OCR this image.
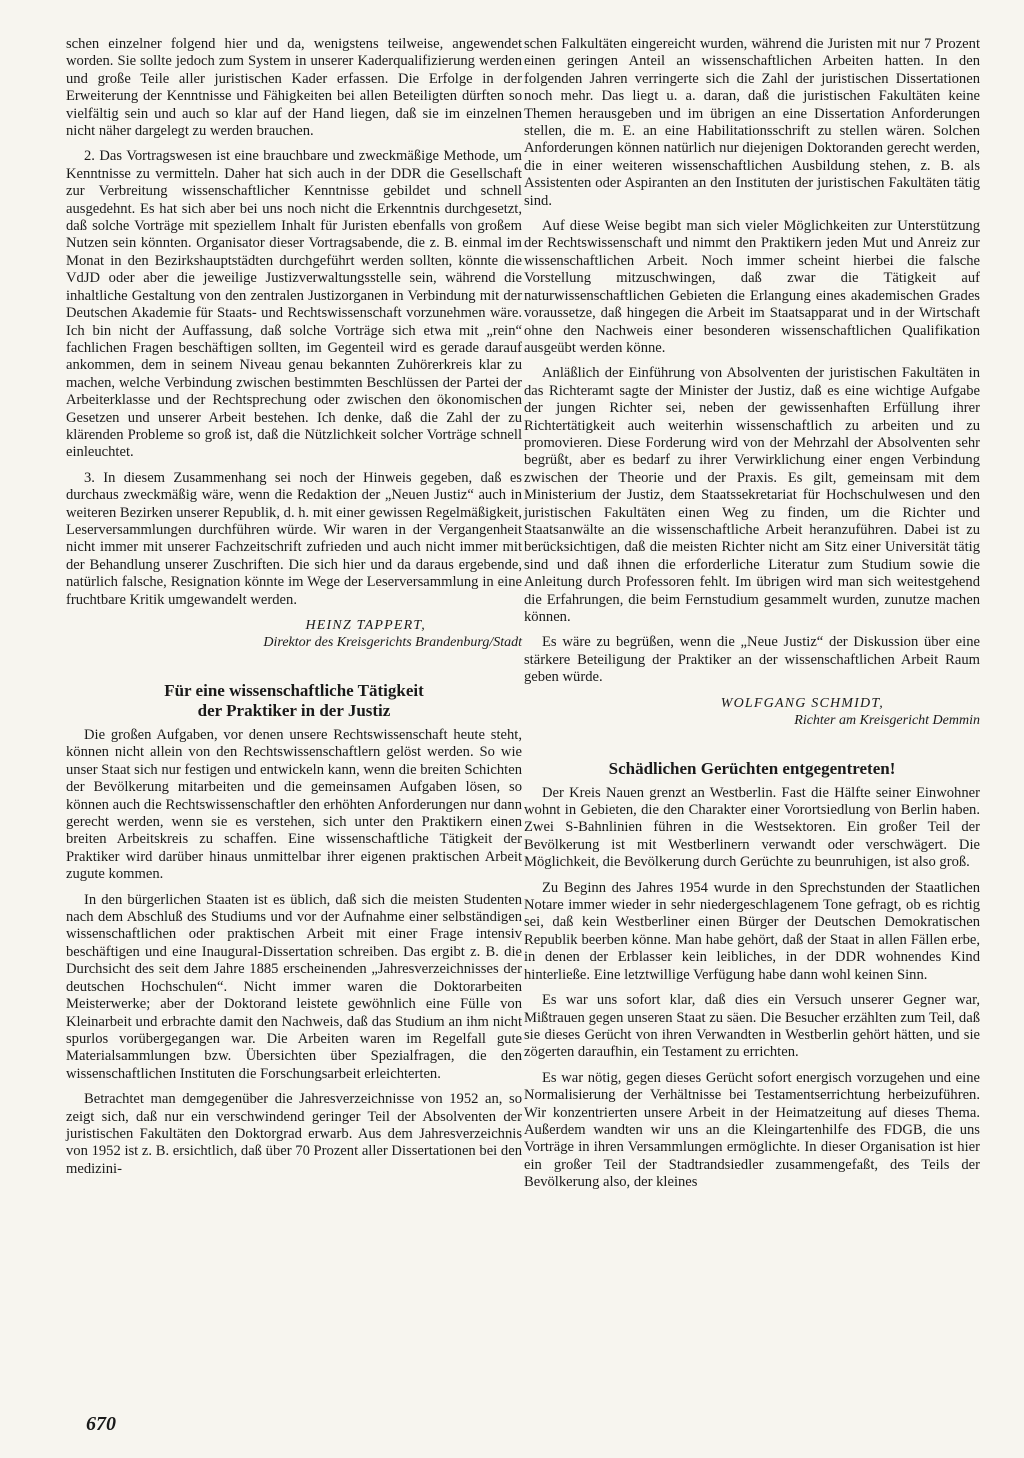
schen einzelner folgend hier und da, wenigstens teilweise, angewendet worden. Sie sollte jedoch zum System in unserer Kaderqualifizierung werden und große Teile aller juristischen Kader erfassen. Die Erfolge in der Erweiterung der Kenntnisse und Fähigkeiten bei allen Beteiligten dürften so vielfältig sein und auch so klar auf der Hand liegen, daß sie im einzelnen nicht näher dargelegt zu werden brauchen.

2. Das Vortragswesen ist eine brauchbare und zweckmäßige Methode, um Kenntnisse zu vermitteln. Daher hat sich auch in der DDR die Gesellschaft zur Verbreitung wissenschaftlicher Kenntnisse gebildet und schnell ausgedehnt. Es hat sich aber bei uns noch nicht die Erkenntnis durchgesetzt, daß solche Vorträge mit speziellem Inhalt für Juristen ebenfalls von großem Nutzen sein könnten. Organisator dieser Vortragsabende, die z. B. einmal im Monat in den Bezirkshauptstädten durchgeführt werden sollten, könnte die VdJD oder aber die jeweilige Justizverwaltungsstelle sein, während die inhaltliche Gestaltung von den zentralen Justizorganen in Verbindung mit der Deutschen Akademie für Staats- und Rechtswissenschaft vorzunehmen wäre. Ich bin nicht der Auffassung, daß solche Vorträge sich etwa mit „rein“ fachlichen Fragen beschäftigen sollten, im Gegenteil wird es gerade darauf ankommen, dem in seinem Niveau genau bekannten Zuhörerkreis klar zu machen, welche Verbindung zwischen bestimmten Beschlüssen der Partei der Arbeiterklasse und der Rechtsprechung oder zwischen den ökonomischen Gesetzen und unserer Arbeit bestehen. Ich denke, daß die Zahl der zu klärenden Probleme so groß ist, daß die Nützlichkeit solcher Vorträge schnell einleuchtet.

3. In diesem Zusammenhang sei noch der Hinweis gegeben, daß es durchaus zweckmäßig wäre, wenn die Redaktion der „Neuen Justiz“ auch in weiteren Bezirken unserer Republik, d. h. mit einer gewissen Regelmäßigkeit, Leserversammlungen durchführen würde. Wir waren in der Vergangenheit nicht immer mit unserer Fachzeitschrift zufrieden und auch nicht immer mit der Behandlung unserer Zuschriften. Die sich hier und da daraus ergebende, natürlich falsche, Resignation könnte im Wege der Leserversammlung in eine fruchtbare Kritik umgewandelt werden.

HEINZ TAPPERT,
Direktor des Kreisgerichts Brandenburg/Stadt
Für eine wissenschaftliche Tätigkeit
der Praktiker in der Justiz

Die großen Aufgaben, vor denen unsere Rechtswissenschaft heute steht, können nicht allein von den Rechtswissenschaftlern gelöst werden. So wie unser Staat sich nur festigen und entwickeln kann, wenn die breiten Schichten der Bevölkerung mitarbeiten und die gemeinsamen Aufgaben lösen, so können auch die Rechtswissenschaftler den erhöhten Anforderungen nur dann gerecht werden, wenn sie es verstehen, sich unter den Praktikern einen breiten Arbeitskreis zu schaffen. Eine wissenschaftliche Tätigkeit der Praktiker wird darüber hinaus unmittelbar ihrer eigenen praktischen Arbeit zugute kommen.

In den bürgerlichen Staaten ist es üblich, daß sich die meisten Studenten nach dem Abschluß des Studiums und vor der Aufnahme einer selbständigen wissenschaftlichen oder praktischen Arbeit mit einer Frage intensiv beschäftigen und eine Inaugural-Dissertation schreiben. Das ergibt z. B. die Durchsicht des seit dem Jahre 1885 erscheinenden „Jahresverzeichnisses der deutschen Hochschulen“. Nicht immer waren die Doktorarbeiten Meisterwerke; aber der Doktorand leistete gewöhnlich eine Fülle von Kleinarbeit und erbrachte damit den Nachweis, daß das Studium an ihm nicht spurlos vorübergegangen war. Die Arbeiten waren im Regelfall gute Materialsammlungen bzw. Übersichten über Spezialfragen, die den wissenschaftlichen Instituten die Forschungsarbeit erleichterten.

Betrachtet man demgegenüber die Jahresverzeichnisse von 1952 an, so zeigt sich, daß nur ein verschwindend geringer Teil der Absolventen der juristischen Fakultäten den Doktorgrad erwarb. Aus dem Jahresverzeichnis von 1952 ist z. B. ersichtlich, daß über 70 Prozent aller Dissertationen bei den medizini-

schen Falkultäten eingereicht wurden, während die Juristen mit nur 7 Prozent einen geringen Anteil an wissenschaftlichen Arbeiten hatten. In den folgenden Jahren verringerte sich die Zahl der juristischen Dissertationen noch mehr. Das liegt u. a. daran, daß die juristischen Fakultäten keine Themen herausgeben und im übrigen an eine Dissertation Anforderungen stellen, die m. E. an eine Habilitationsschrift zu stellen wären. Solchen Anforderungen können natürlich nur diejenigen Doktoranden gerecht werden, die in einer weiteren wissenschaftlichen Ausbildung stehen, z. B. als Assistenten oder Aspiranten an den Instituten der juristischen Fakultäten tätig sind.

Auf diese Weise begibt man sich vieler Möglichkeiten zur Unterstützung der Rechtswissenschaft und nimmt den Praktikern jeden Mut und Anreiz zur wissenschaftlichen Arbeit. Noch immer scheint hierbei die falsche Vorstellung mitzuschwingen, daß zwar die Tätigkeit auf naturwissenschaftlichen Gebieten die Erlangung eines akademischen Grades voraussetze, daß hingegen die Arbeit im Staatsapparat und in der Wirtschaft ohne den Nachweis einer besonderen wissenschaftlichen Qualifikation ausgeübt werden könne.

Anläßlich der Einführung von Absolventen der juristischen Fakultäten in das Richteramt sagte der Minister der Justiz, daß es eine wichtige Aufgabe der jungen Richter sei, neben der gewissenhaften Erfüllung ihrer Richtertätigkeit auch weiterhin wissenschaftlich zu arbeiten und zu promovieren. Diese Forderung wird von der Mehrzahl der Absolventen sehr begrüßt, aber es bedarf zu ihrer Verwirklichung einer engen Verbindung zwischen der Theorie und der Praxis. Es gilt, gemeinsam mit dem Ministerium der Justiz, dem Staatssekretariat für Hochschulwesen und den juristischen Fakultäten einen Weg zu finden, um die Richter und Staatsanwälte an die wissenschaftliche Arbeit heranzuführen. Dabei ist zu berücksichtigen, daß die meisten Richter nicht am Sitz einer Universität tätig sind und daß ihnen die erforderliche Literatur zum Studium sowie die Anleitung durch Professoren fehlt. Im übrigen wird man sich weitestgehend die Erfahrungen, die beim Fernstudium gesammelt wurden, zunutze machen können.

Es wäre zu begrüßen, wenn die „Neue Justiz“ der Diskussion über eine stärkere Beteiligung der Praktiker an der wissenschaftlichen Arbeit Raum geben würde.

WOLFGANG SCHMIDT,
Richter am Kreisgericht Demmin
Schädlichen Gerüchten entgegentreten!

Der Kreis Nauen grenzt an Westberlin. Fast die Hälfte seiner Einwohner wohnt in Gebieten, die den Charakter einer Vorortsiedlung von Berlin haben. Zwei S-Bahnlinien führen in die Westsektoren. Ein großer Teil der Bevölkerung ist mit Westberlinern verwandt oder verschwägert. Die Möglichkeit, die Bevölkerung durch Gerüchte zu beunruhigen, ist also groß.

Zu Beginn des Jahres 1954 wurde in den Sprechstunden der Staatlichen Notare immer wieder in sehr niedergeschlagenem Tone gefragt, ob es richtig sei, daß kein Westberliner einen Bürger der Deutschen Demokratischen Republik beerben könne. Man habe gehört, daß der Staat in allen Fällen erbe, in denen der Erblasser kein leibliches, in der DDR wohnendes Kind hinterließe. Eine letztwillige Verfügung habe dann wohl keinen Sinn.

Es war uns sofort klar, daß dies ein Versuch unserer Gegner war, Mißtrauen gegen unseren Staat zu säen. Die Besucher erzählten zum Teil, daß sie dieses Gerücht von ihren Verwandten in Westberlin gehört hätten, und sie zögerten daraufhin, ein Testament zu errichten.

Es war nötig, gegen dieses Gerücht sofort energisch vorzugehen und eine Normalisierung der Verhältnisse bei Testamentserrichtung herbeizuführen. Wir konzentrierten unsere Arbeit in der Heimatzeitung auf dieses Thema. Außerdem wandten wir uns an die Kleingartenhilfe des FDGB, die uns Vorträge in ihren Versammlungen ermöglichte. In dieser Organisation ist hier ein großer Teil der Stadtrandsiedler zusammengefaßt, des Teils der Bevölkerung also, der kleines

670
